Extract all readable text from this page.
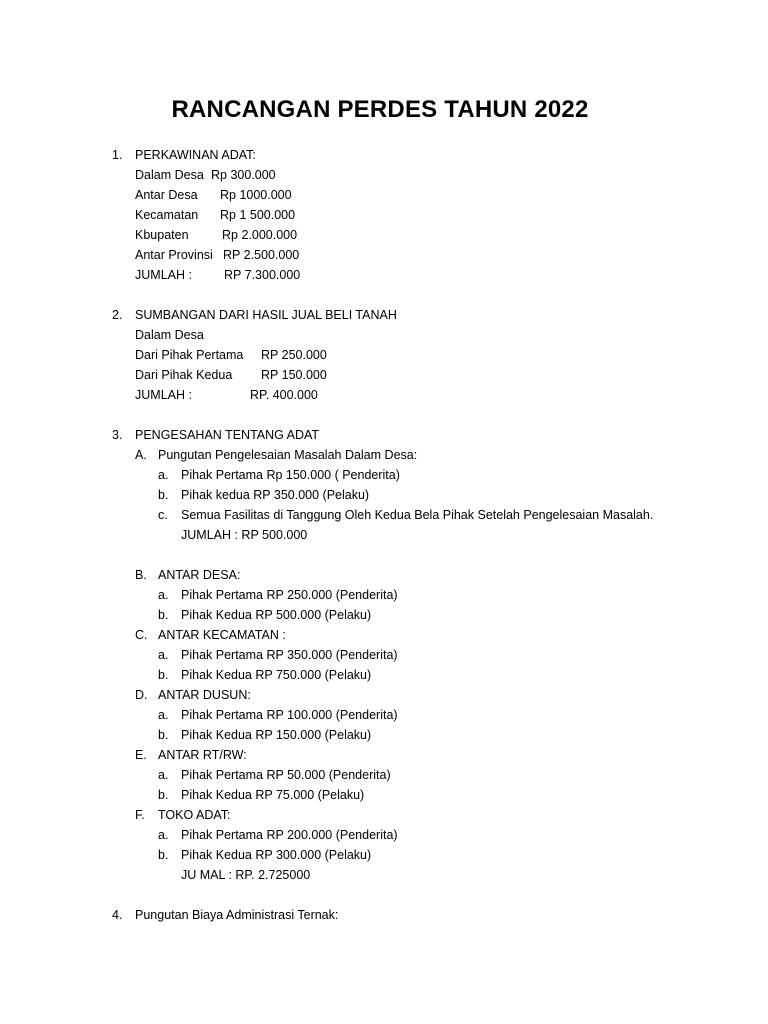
RANCANGAN PERDES TAHUN 2022
1. PERKAWINAN ADAT:
Dalam Desa Rp 300.000
Antar Desa Rp 1000.000
Kecamatan Rp 1 500.000
Kbupaten	Rp 2.000.000
Antar Provinsi RP 2.500.000
JUMLAH :	RP 7.300.000
2. SUMBANGAN DARI HASIL JUAL BELI TANAH
Dalam Desa
Dari Pihak Pertama RP 250.000
Dari Pihak Kedua RP 150.000
JUMLAH :	RP. 400.000
3. PENGESAHAN TENTANG ADAT
A. Pungutan Pengelesaian Masalah Dalam Desa:
a. Pihak Pertama Rp 150.000 ( Penderita)
b. Pihak kedua RP 350.000 (Pelaku)
c. Semua Fasilitas di Tanggung Oleh Kedua Bela Pihak Setelah Pengelesaian Masalah.
JUMLAH : RP 500.000
B. ANTAR DESA:
a. Pihak Pertama RP 250.000 (Penderita)
b. Pihak Kedua RP 500.000 (Pelaku)
C. ANTAR KECAMATAN :
a. Pihak Pertama RP 350.000 (Penderita)
b. Pihak Kedua RP 750.000 (Pelaku)
D. ANTAR DUSUN:
a. Pihak Pertama RP 100.000 (Penderita)
b. Pihak Kedua RP 150.000 (Pelaku)
E. ANTAR RT/RW:
a. Pihak Pertama RP 50.000 (Penderita)
b. Pihak Kedua RP 75.000 (Pelaku)
F. TOKO ADAT:
a. Pihak Pertama RP 200.000 (Penderita)
b. Pihak Kedua RP 300.000 (Pelaku)
JU MAL : RP. 2.725000
4. Pungutan Biaya Administrasi Ternak:
